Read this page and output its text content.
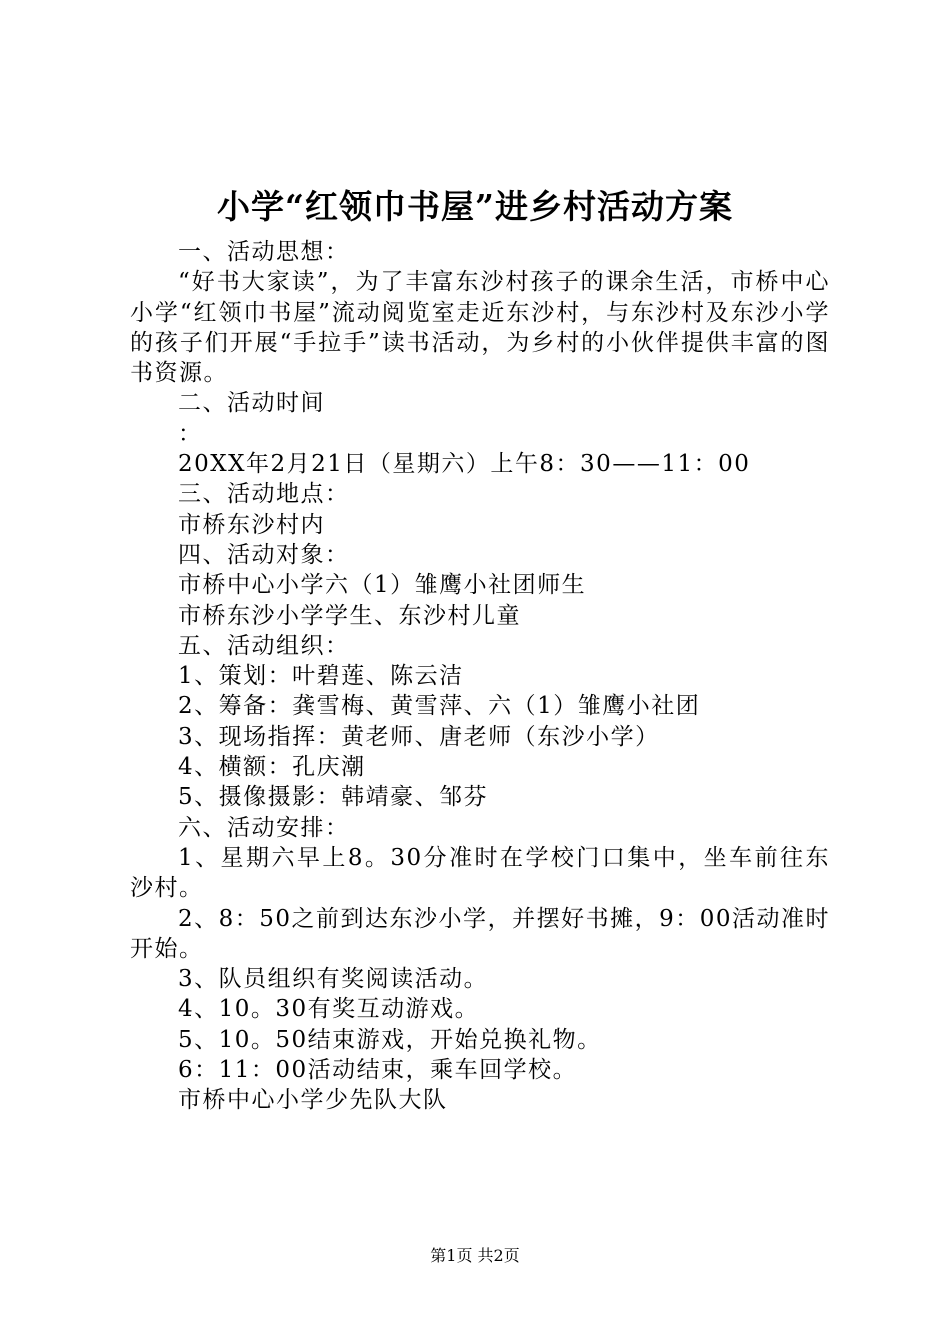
小学“红领巾书屋”进乡村活动方案

一、活动思想：

“好书大家读”，为了丰富东沙村孩子的课余生活，市桥中心小学“红领巾书屋”流动阅览室走近东沙村，与东沙村及东沙小学的孩子们开展“手拉手”读书活动，为乡村的小伙伴提供丰富的图书资源。

二、活动时间

：

20XX年2月21日（星期六）上午8：30——11：00

三、活动地点：

市桥东沙村内

四、活动对象：

市桥中心小学六（1）雏鹰小社团师生

市桥东沙小学学生、东沙村儿童

五、活动组织：

1、策划：叶碧莲、陈云洁

2、筹备：龚雪梅、黄雪萍、六（1）雏鹰小社团

3、现场指挥：黄老师、唐老师（东沙小学）

4、横额：孔庆潮

5、摄像摄影：韩靖豪、邹芬

六、活动安排：

1、星期六早上8。30分准时在学校门口集中，坐车前往东沙村。

2、8：50之前到达东沙小学，并摆好书摊，9：00活动准时开始。

3、队员组织有奖阅读活动。

4、10。30有奖互动游戏。

5、10。50结束游戏，开始兑换礼物。

6：11：00活动结束，乘车回学校。

市桥中心小学少先队大队

第1页 共2页
